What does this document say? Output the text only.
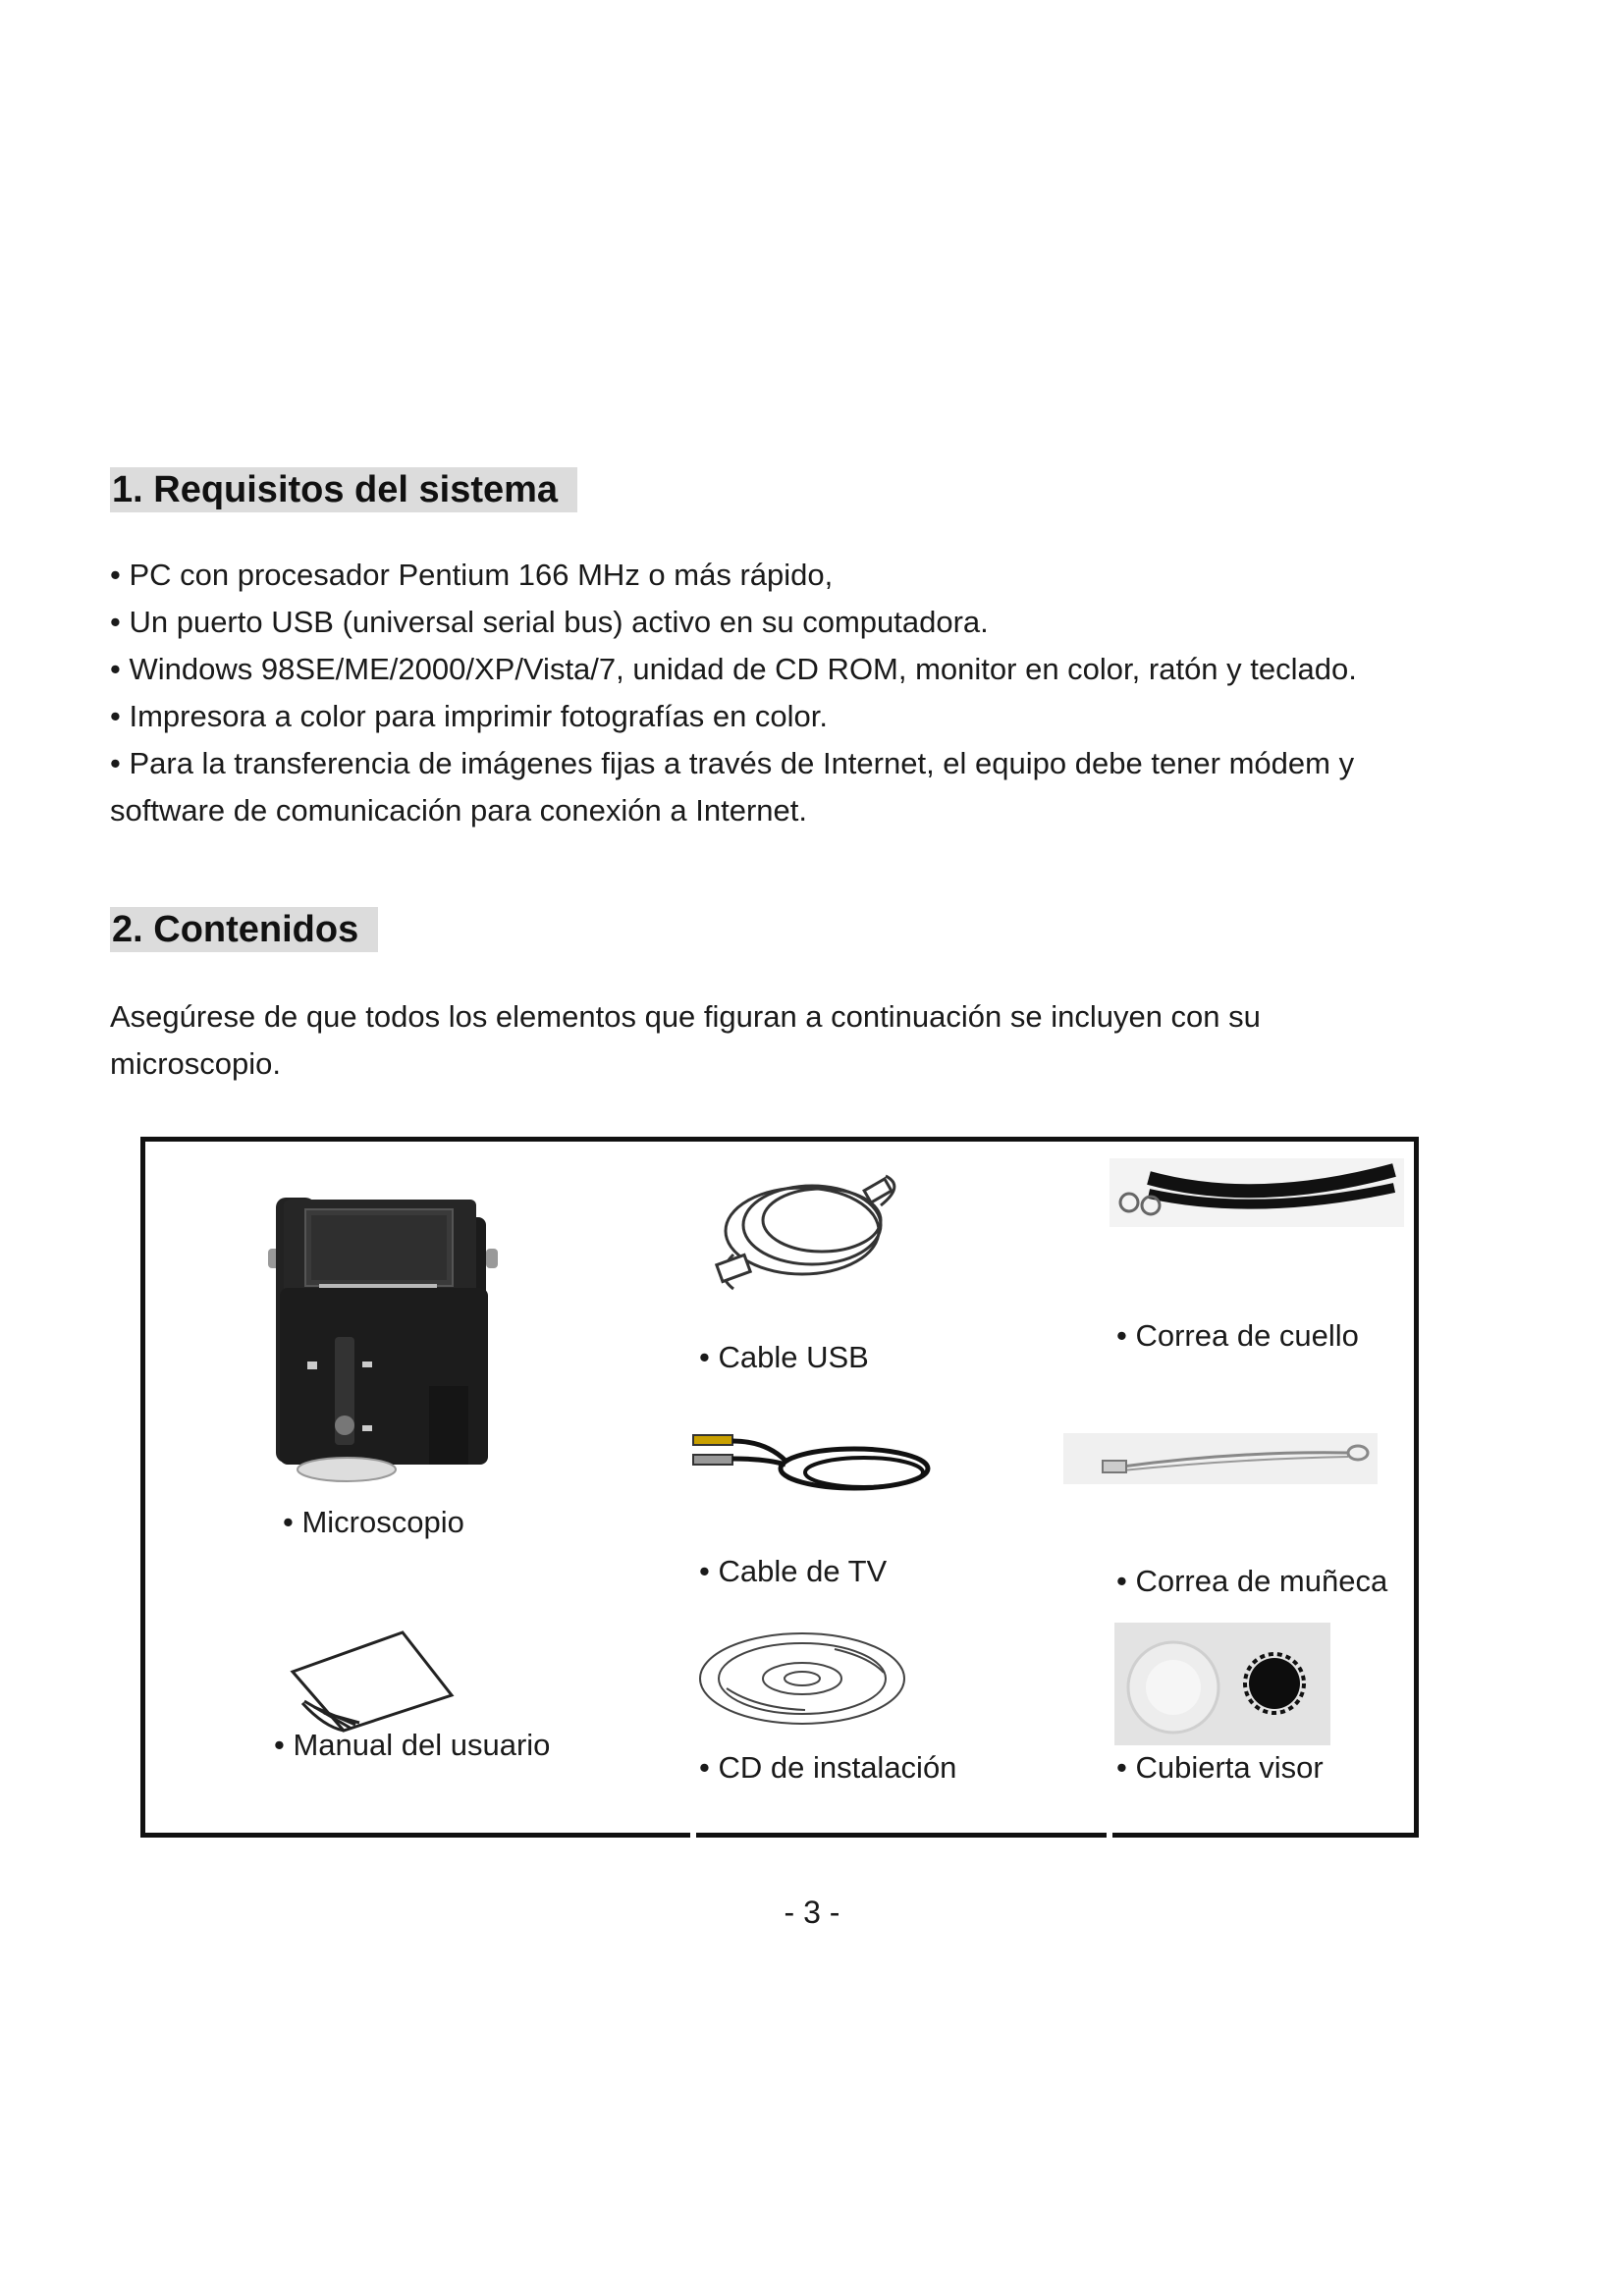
1. Requisitos del sistema
• PC con procesador Pentium 166 MHz o más rápido,
• Un puerto USB (universal serial bus) activo en su computadora.
• Windows 98SE/ME/2000/XP/Vista/7, unidad de CD ROM, monitor en color, ratón y teclado.
• Impresora a color para imprimir fotografías en color.
• Para la transferencia de imágenes fijas a través de Internet, el equipo debe tener módem y
software de comunicación para conexión a Internet.
2. Contenidos
Asegúrese de que todos los elementos que figuran a continuación se incluyen con su
microscopio.
• Microscopio
• Cable USB
• Correa de cuello
• Cable de TV	• Correa de muñeca
• Manual del usuario
• CD de instalación	• Cubierta visor
- 3 -
